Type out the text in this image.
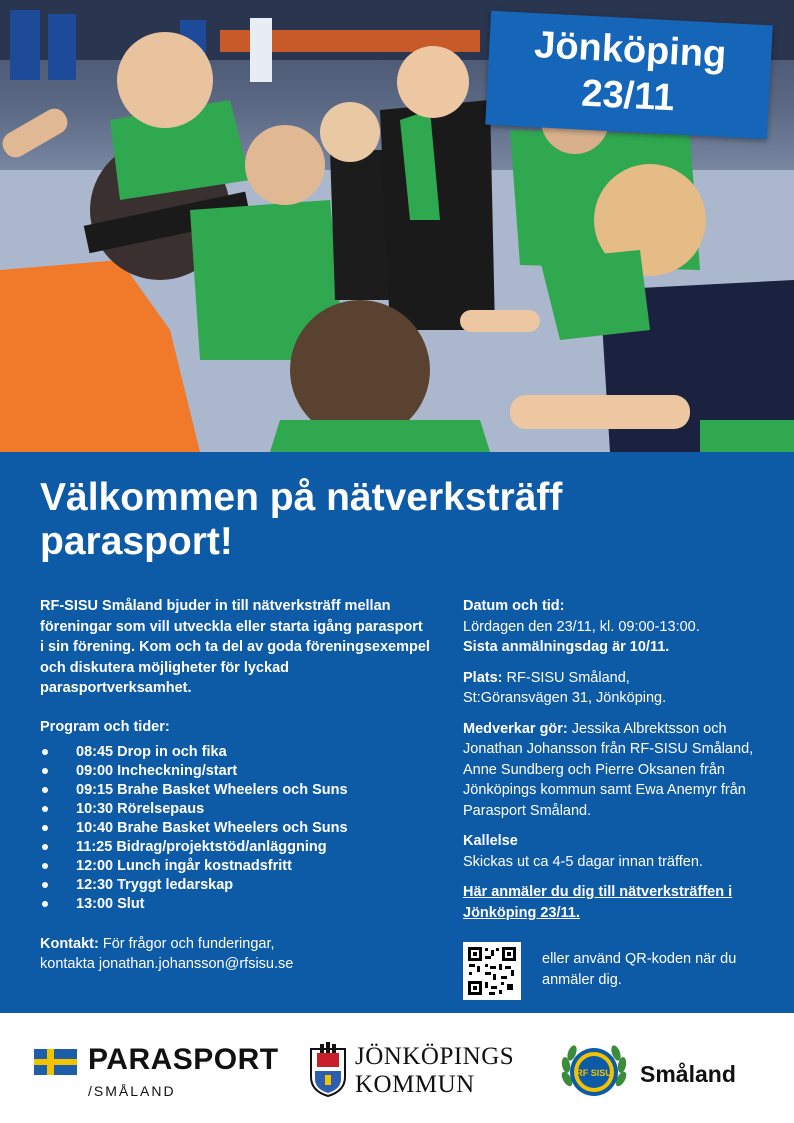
Jönköping
23/11
Välkommen på nätverksträff parasport!

RF-SISU Småland bjuder in till nätverksträff mellan föreningar som vill utveckla eller starta igång parasport i sin förening. Kom och ta del av goda föreningsexempel och diskutera möjligheter för lyckad parasportverksamhet.

Program och tider:
08:45 Drop in och fika
09:00 Incheckning/start
09:15 Brahe Basket Wheelers och Suns
10:30 Rörelsepaus
10:40 Brahe Basket Wheelers och Suns
11:25 Bidrag/projektstöd/anläggning
12:00 Lunch ingår kostnadsfritt
12:30 Tryggt ledarskap
13:00 Slut
Kontakt: För frågor och funderingar,
kontakta jonathan.johansson@rfsisu.se

Datum och tid:

Lördagen den 23/11, kl. 09:00-13:00.

Sista anmälningsdag är 10/11.

Plats: RF-SISU Småland,

St:Göransvägen 31, Jönköping.

Medverkar gör: Jessika Albrektsson och Jonathan Johansson från RF-SISU Småland, Anne Sundberg och Pierre Oksanen från Jönköpings kommun samt Ewa Anemyr från Parasport Småland.

Kallelse

Skickas ut ca 4-5 dagar innan träffen.

Här anmäler du dig till nätverksträffen i Jönköping 23/11.

eller använd QR-koden när du anmäler dig.
PARASPORT
/SMÅLAND
JÖNKÖPINGS
KOMMUN	RF SISU Småland
